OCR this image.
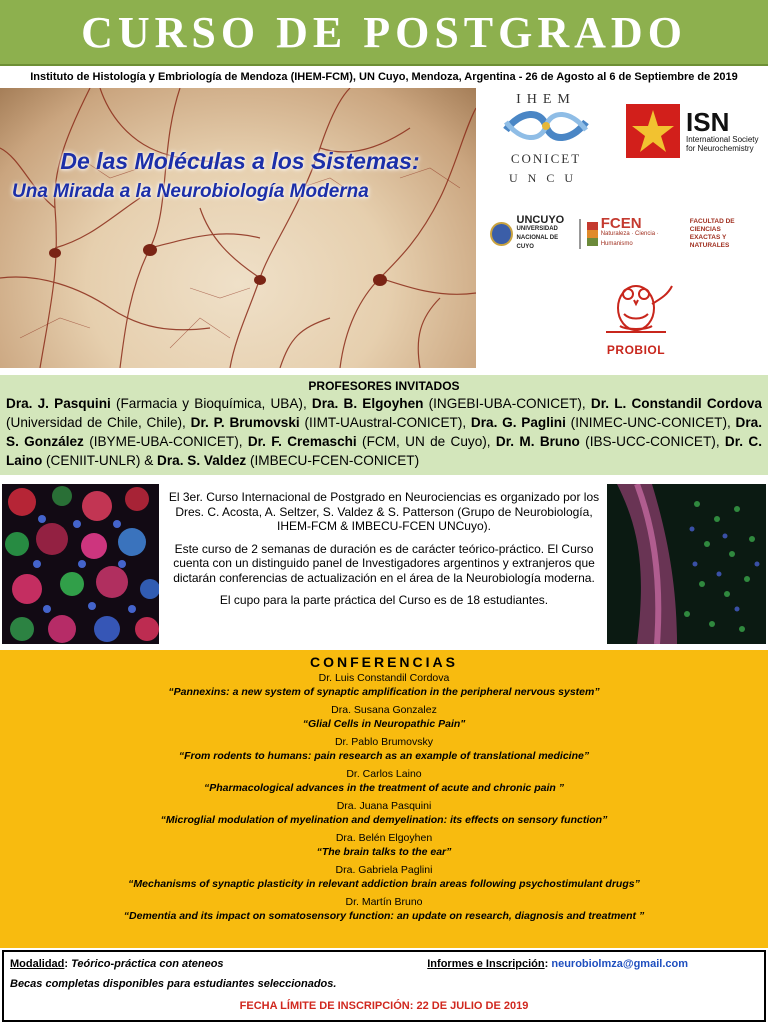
CURSO DE POSTGRADO
Instituto de Histología y Embriología de Mendoza (IHEM-FCM), UN Cuyo, Mendoza, Argentina - 26 de Agosto al 6 de Septiembre de 2019
De las Moléculas a los Sistemas:
Una Mirada a la Neurobiología Moderna
IHEM
CONICET
UNCU
ISN
International Society
for Neurochemistry
UNCUYO
UNIVERSIDAD
NACIONAL DE CUYO
FCEN
Naturaleza · Ciencia · Humanismo
FACULTAD DE CIENCIAS
EXACTAS Y NATURALES
PROBIOL
PROFESORES INVITADOS

Dra. J. Pasquini (Farmacia y Bioquímica, UBA), Dra. B. Elgoyhen (INGEBI-UBA-CONICET), Dr. L. Constandil Cordova (Universidad de Chile, Chile), Dr. P. Brumovski (IIMT-UAustral-CONICET), Dra. G. Paglini (INIMEC-UNC-CONICET), Dra. S. González (IBYME-UBA-CONICET), Dr. F. Cremaschi (FCM, UN de Cuyo), Dr. M. Bruno (IBS-UCC-CONICET), Dr. C. Laino (CENIIT-UNLR) & Dra. S. Valdez (IMBECU-FCEN-CONICET)

El 3er. Curso Internacional de Postgrado en Neurociencias es organizado por los Dres. C. Acosta, A. Seltzer, S. Valdez & S. Patterson (Grupo de Neurobiología, IHEM-FCM & IMBECU-FCEN UNCuyo).

Este curso de 2 semanas de duración es de carácter teórico-práctico. El Curso cuenta con un distinguido panel de Investigadores argentinos y extranjeros que dictarán conferencias de actualización en el área de la Neurobiología moderna.

El cupo para la parte práctica del Curso es de 18 estudiantes.

CONFERENCIAS
Dr. Luis Constandil Cordova
“Pannexins: a new system of synaptic amplification in the peripheral nervous system”
Dra. Susana Gonzalez
“Glial Cells in Neuropathic Pain"
Dr. Pablo Brumovsky
“From rodents to humans: pain research as an example of translational medicine”
Dr. Carlos Laino
“Pharmacological advances in the treatment of acute and chronic pain ”
Dra. Juana Pasquini
“Microglial modulation of myelination and demyelination: its effects on sensory function”
Dra. Belén Elgoyhen
“The brain talks to the ear”
Dra. Gabriela Paglini
“Mechanisms of synaptic plasticity in relevant addiction brain areas following psychostimulant drugs”
Dr. Martín Bruno
“Dementia and its impact on somatosensory function: an update on research, diagnosis and treatment ”
Modalidad: Teórico-práctica con ateneos	Informes e Inscripción: neurobiolmza@gmail.com
Becas completas disponibles para estudiantes seleccionados.
FECHA LÍMITE DE INSCRIPCIÓN: 22 DE JULIO DE 2019
